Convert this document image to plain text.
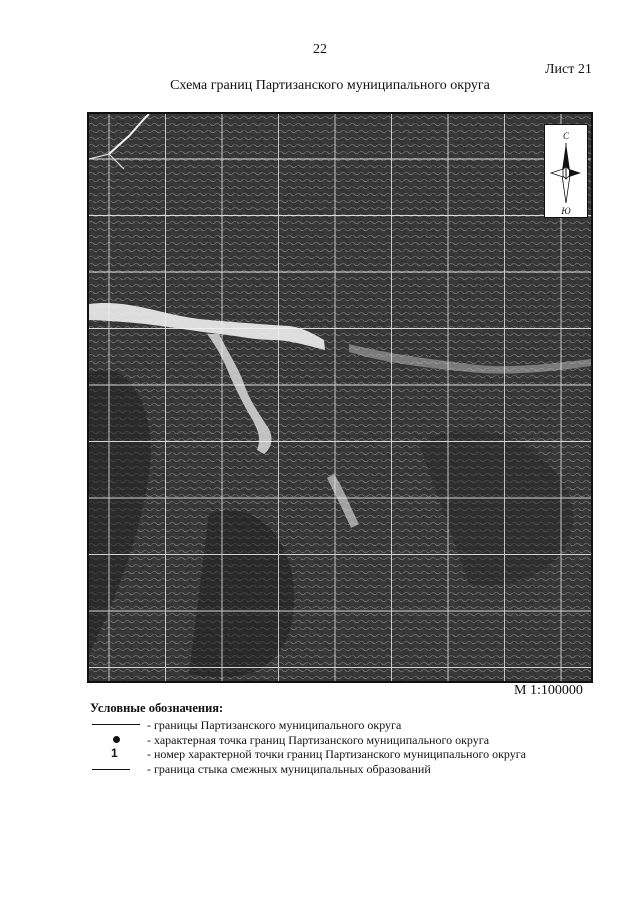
22
Лист 21
Схема границ Партизанского муниципального округа
С
Ю
М 1:100000
Условные обозначения:
- границы Партизанского муниципального округа
- характерная точка границ Партизанского муниципального округа
1 - номер характерной точки границ Партизанского муниципального округа
- граница стыка смежных муниципальных образований
